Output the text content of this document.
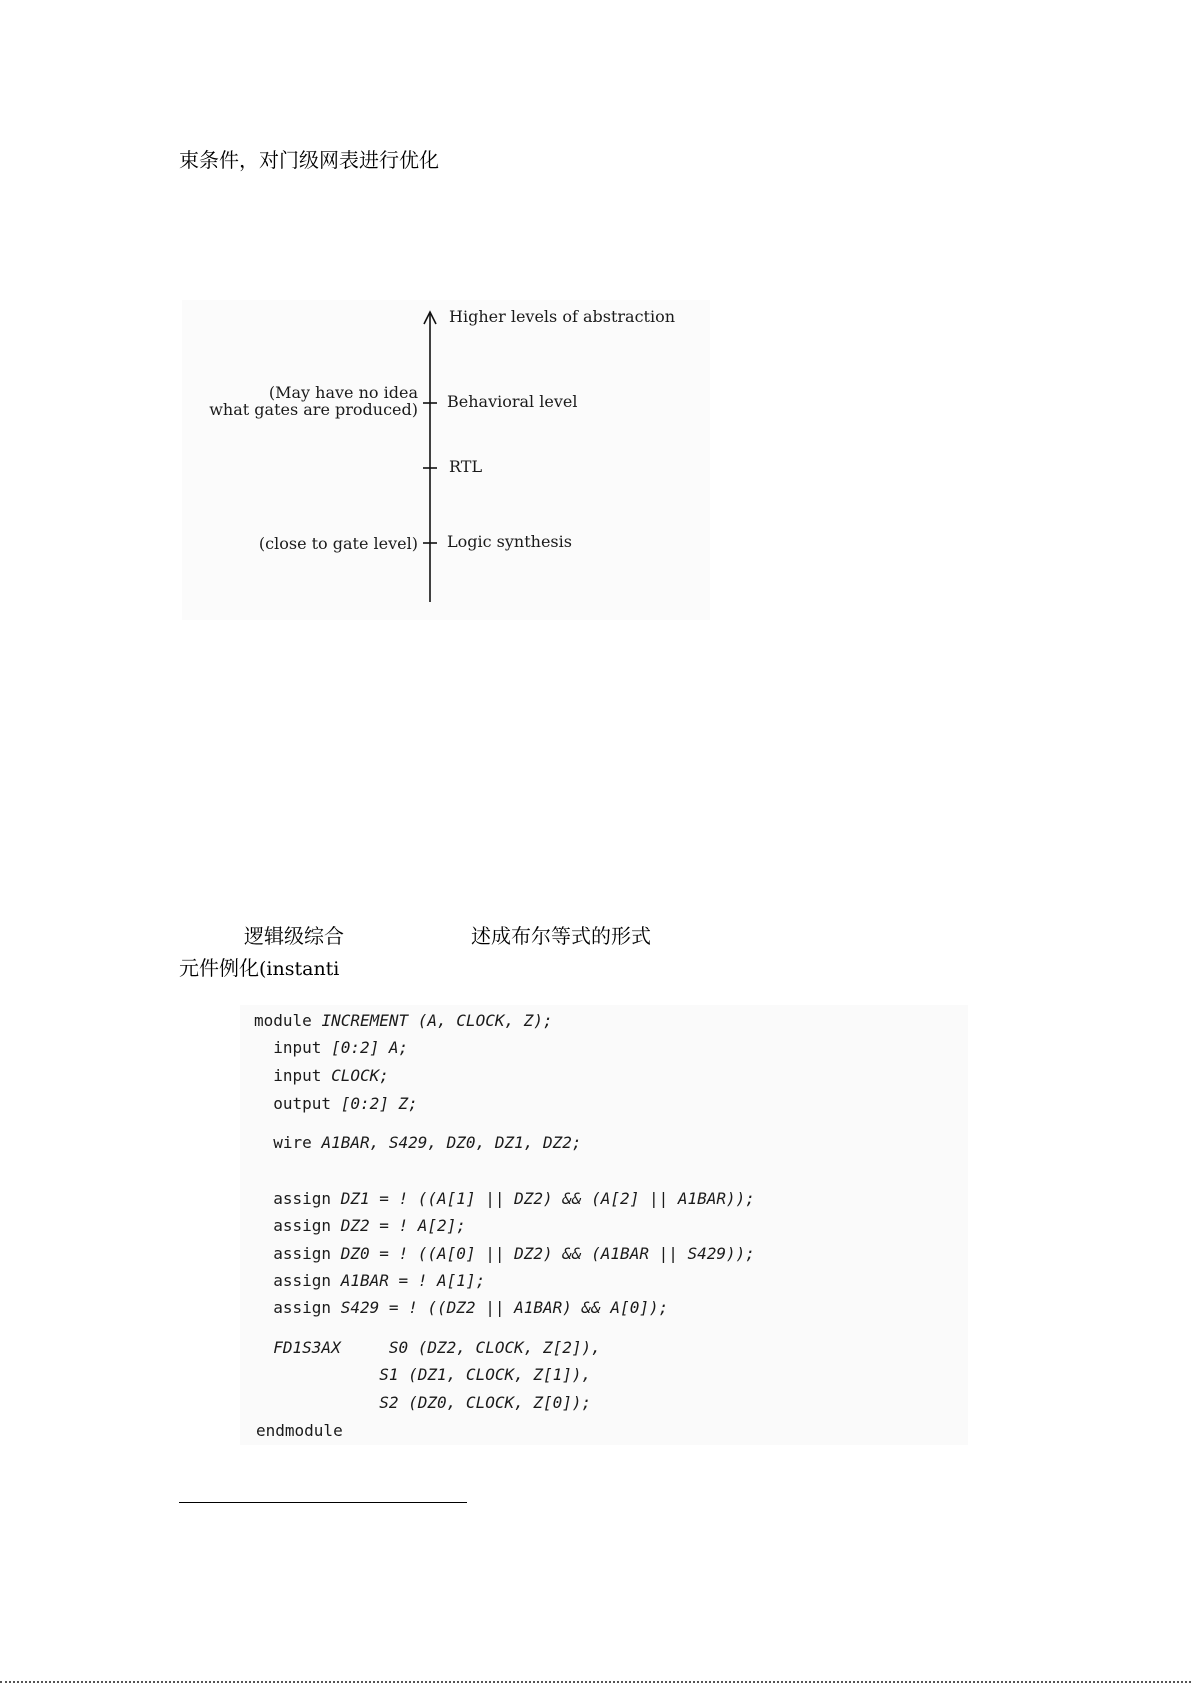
束条件，对门级网表进行优化
逻辑级综合	述成布尔等式的形式
元件例化(instanti
Higher levels of abstraction
Behavioral level
(May have no idea
what gates are produced)
RTL
Logic synthesis
(close to gate level)
module INCREMENT (A, CLOCK, Z);
input [0:2] A;
input CLOCK;
output [0:2] Z;
wire A1BAR, S429, DZ0, DZ1, DZ2;
assign DZ1 = ! ((A[1] || DZ2) && (A[2] || A1BAR));
assign DZ2 = ! A[2];
assign DZ0 = ! ((A[0] || DZ2) && (A1BAR || S429));
assign A1BAR = ! A[1];
assign S429 = ! ((DZ2 || A1BAR) && A[0]);
FD1S3AX     S0 (DZ2, CLOCK, Z[2]),
S1 (DZ1, CLOCK, Z[1]),
S2 (DZ0, CLOCK, Z[0]);
endmodule
